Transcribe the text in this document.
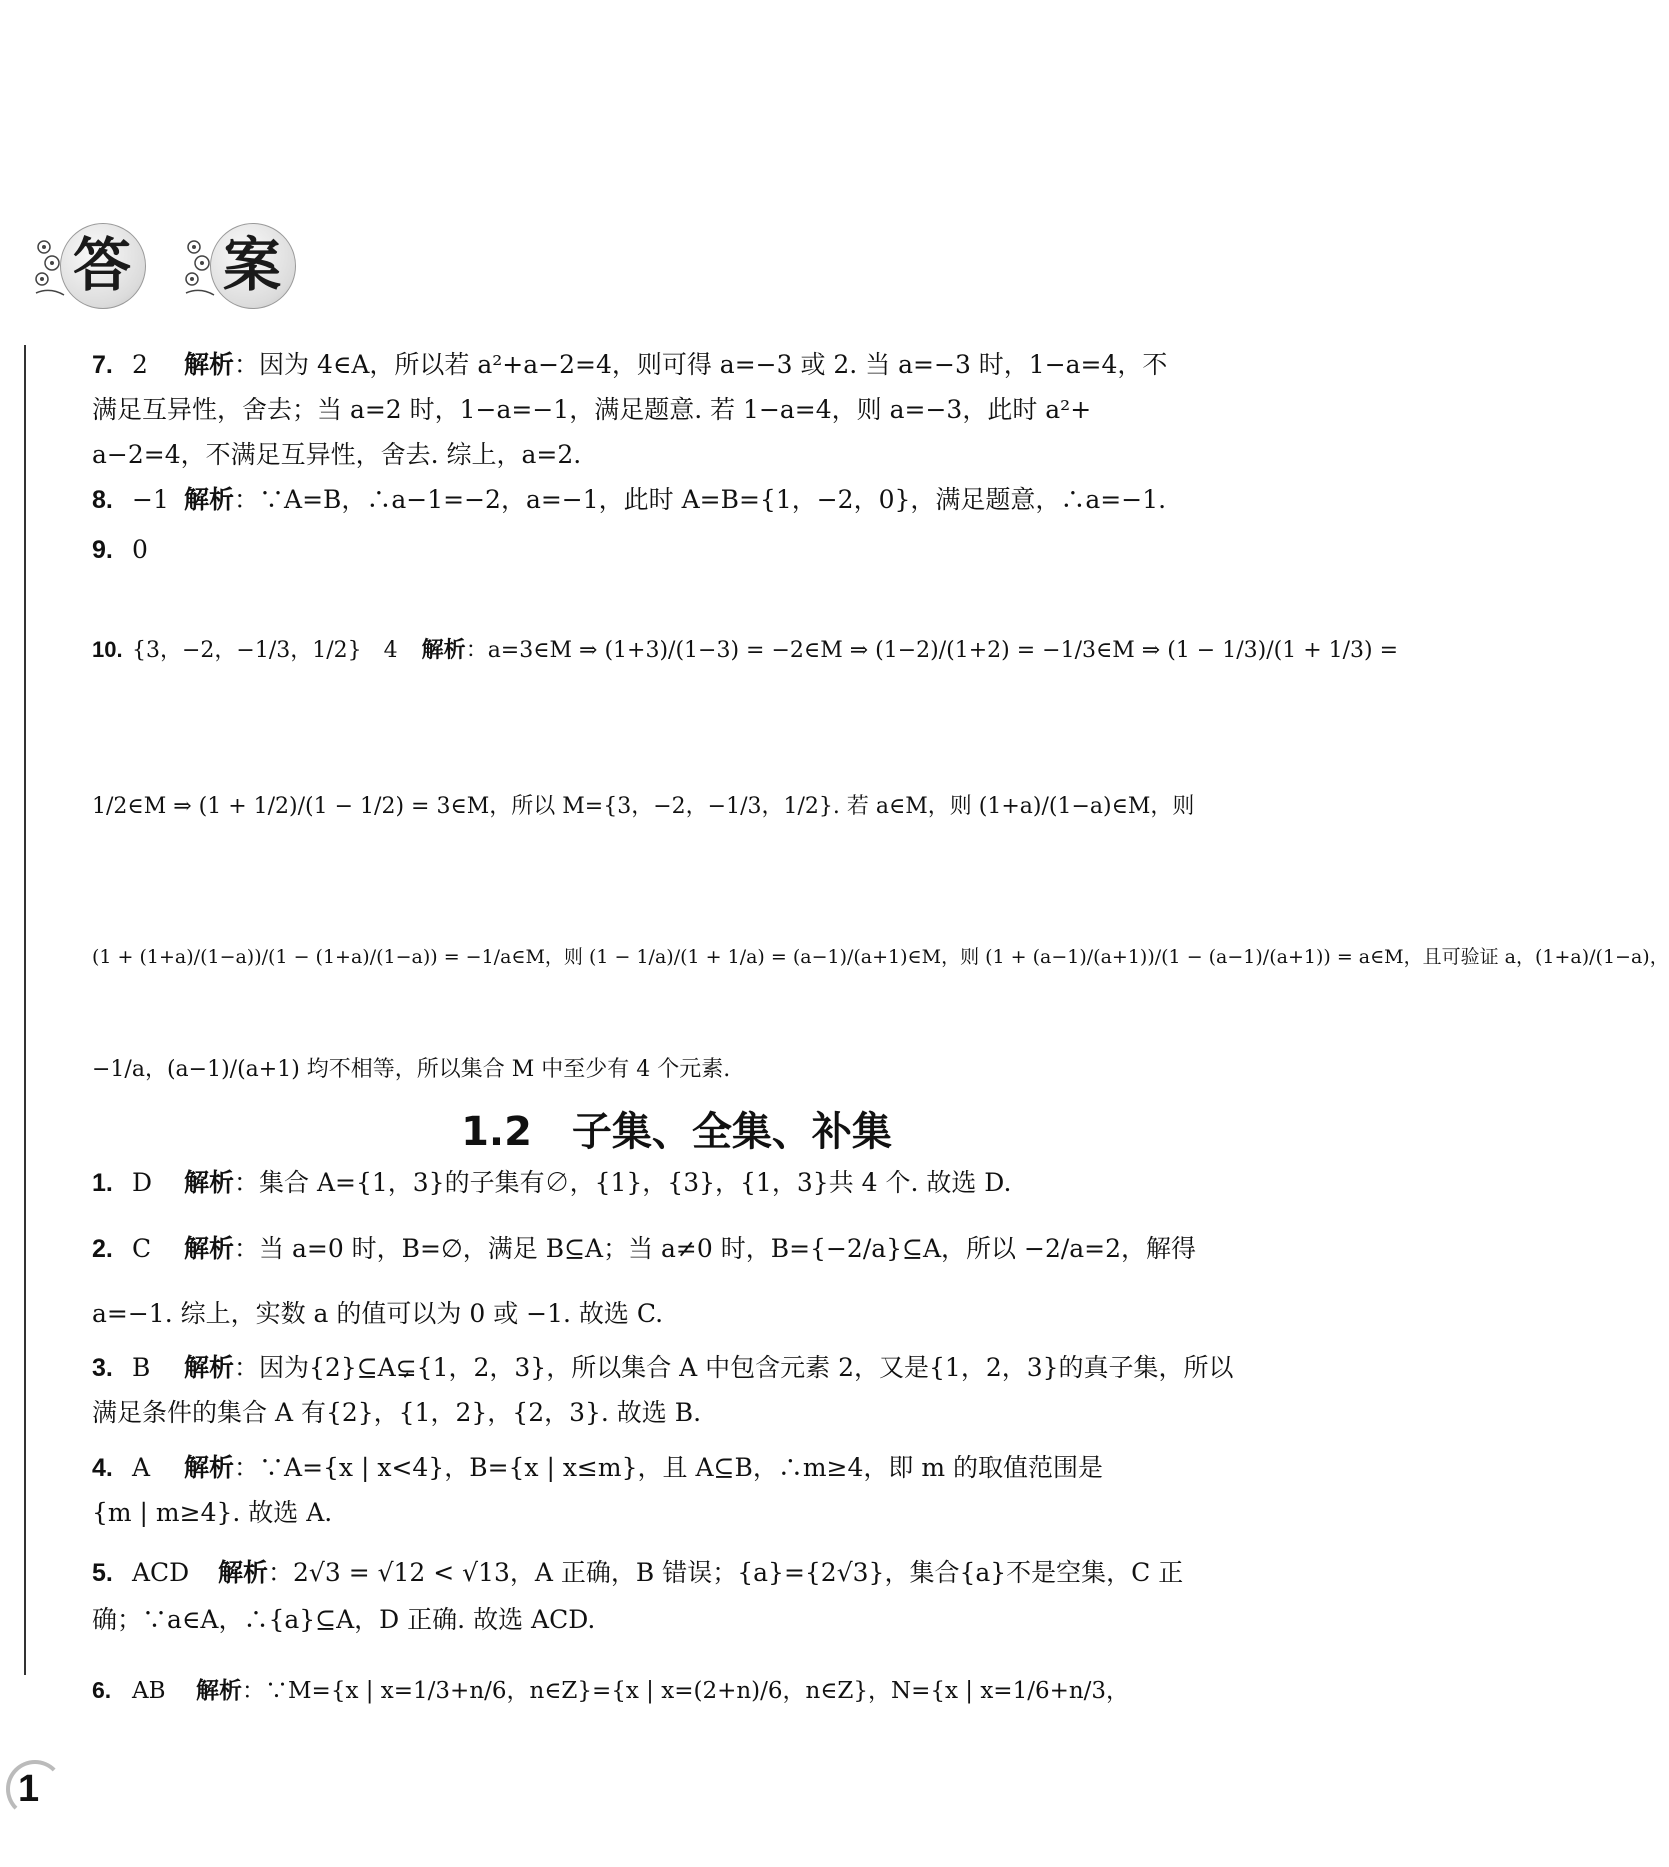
答 案
7. 2 解析：因为 4∈A，所以若 a²+a−2=4，则可得 a=−3 或 2. 当 a=−3 时，1−a=4，不
满足互异性，舍去；当 a=2 时，1−a=−1，满足题意. 若 1−a=4，则 a=−3，此时 a²+
a−2=4，不满足互异性，舍去. 综上，a=2.
8. −1 解析：∵A=B，∴a−1=−2，a=−1，此时 A=B={1，−2，0}，满足题意，∴a=−1.
9. 0
10. {3，−2，−1/3，1/2}　4 解析：a=3∈M ⇒ (1+3)/(1−3) = −2∈M ⇒ (1−2)/(1+2) = −1/3∈M ⇒ (1 − 1/3)/(1 + 1/3) =
1/2∈M ⇒ (1 + 1/2)/(1 − 1/2) = 3∈M，所以 M={3，−2，−1/3，1/2}. 若 a∈M，则 (1+a)/(1−a)∈M，则
(1 + (1+a)/(1−a))/(1 − (1+a)/(1−a)) = −1/a∈M，则 (1 − 1/a)/(1 + 1/a) = (a−1)/(a+1)∈M，则 (1 + (a−1)/(a+1))/(1 − (a−1)/(a+1)) = a∈M，且可验证 a，(1+a)/(1−a)，
−1/a，(a−1)/(a+1) 均不相等，所以集合 M 中至少有 4 个元素.
1.2　子集、全集、补集
1. D 解析：集合 A={1，3}的子集有∅，{1}，{3}，{1，3}共 4 个. 故选 D.
2. C 解析：当 a=0 时，B=∅，满足 B⊆A；当 a≠0 时，B={−2/a}⊆A，所以 −2/a=2，解得
a=−1. 综上，实数 a 的值可以为 0 或 −1. 故选 C.
3. B 解析：因为{2}⊆A⊊{1，2，3}，所以集合 A 中包含元素 2，又是{1，2，3}的真子集，所以
满足条件的集合 A 有{2}，{1，2}，{2，3}. 故选 B.
4. A 解析：∵A={x | x<4}，B={x | x≤m}，且 A⊆B，∴m≥4，即 m 的取值范围是
{m | m≥4}. 故选 A.
5. ACD 解析：2√3 = √12 < √13，A 正确，B 错误；{a}={2√3}，集合{a}不是空集，C 正
确；∵a∈A，∴{a}⊆A，D 正确. 故选 ACD.
6. AB 解析：∵M={x | x=1/3+n/6，n∈Z}={x | x=(2+n)/6，n∈Z}，N={x | x=1/6+n/3，
1
